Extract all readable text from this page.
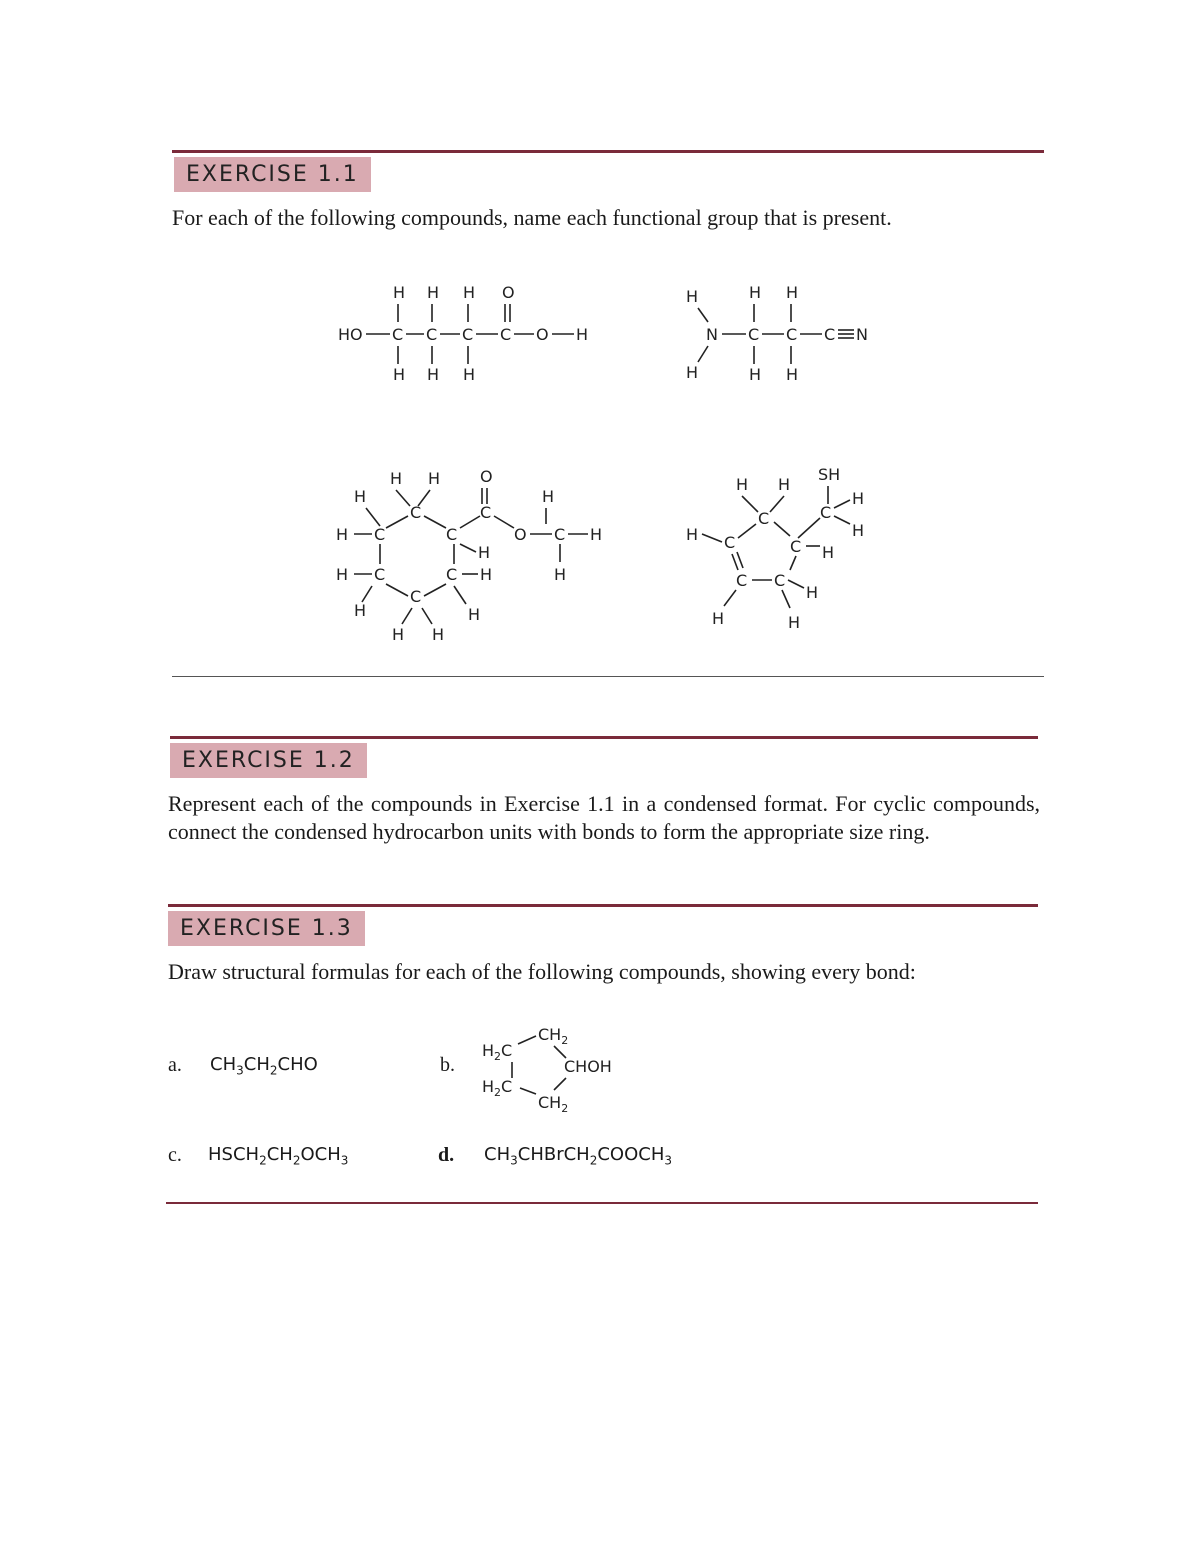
EXERCISE 1.1

For each of the following compounds, name each functional group that is present.

H H H O
HO C C C C O H
H H H
H	H H
N C C C N
H	H H
H H O
H	H
C	C
H C	C	O C H
H
H
H C	C H
C
H	H
H H
H H
SH
C	C
H
H
H C	C H
C C
H
H	H
EXERCISE 1.2

Represent each of the compounds in Exercise 1.1 in a condensed format. For cyclic compounds, connect the condensed hydrocarbon units with bonds to form the appropriate size ring.

EXERCISE 1.3

Draw structural formulas for each of the following compounds, showing every bond:

a. $CH_3CH_2CHO$	b.
$H_2C$
$CH_2$
CHOH
$H_2C$
$CH_2$
c. $HSCH_2CH_2OCH_3$	d. $CH_3CHBrCH_2COOCH_3$
